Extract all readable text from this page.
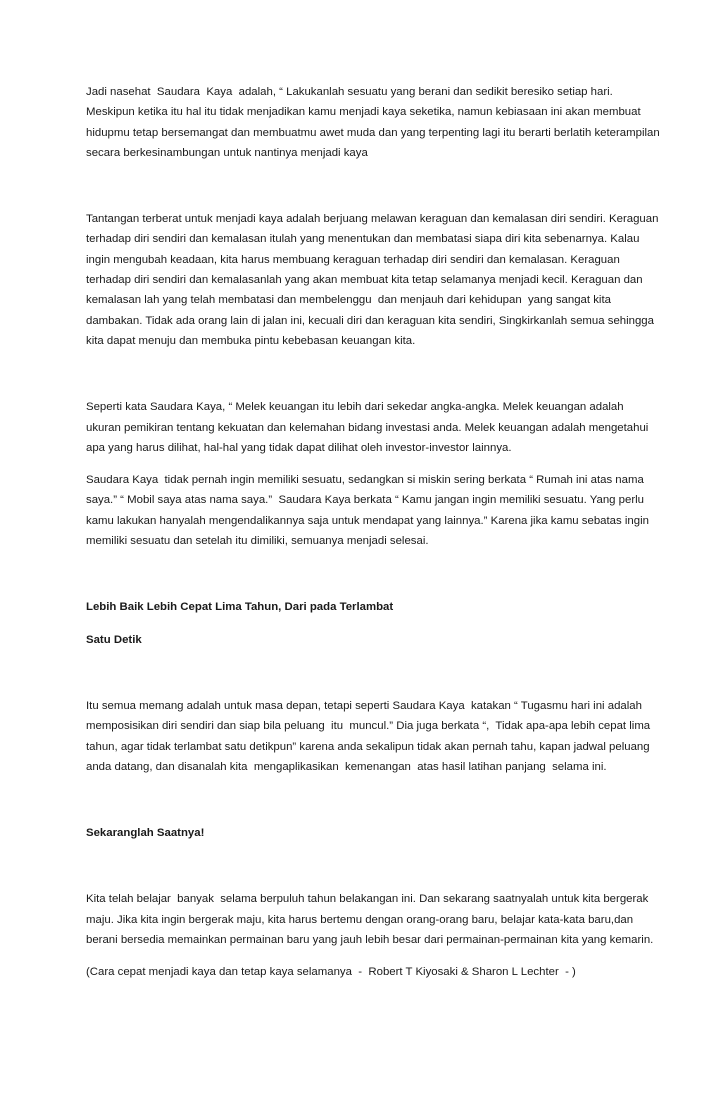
Jadi nasehat  Saudara  Kaya  adalah, “ Lakukanlah sesuatu yang berani dan sedikit beresiko setiap hari. Meskipun ketika itu hal itu tidak menjadikan kamu menjadi kaya seketika, namun kebiasaan ini akan membuat hidupmu tetap bersemangat dan membuatmu awet muda dan yang terpenting lagi itu berarti berlatih keterampilan secara berkesinambungan untuk nantinya menjadi kaya

Tantangan terberat untuk menjadi kaya adalah berjuang melawan keraguan dan kemalasan diri sendiri. Keraguan terhadap diri sendiri dan kemalasan itulah yang menentukan dan membatasi siapa diri kita sebenarnya. Kalau ingin mengubah keadaan, kita harus membuang keraguan terhadap diri sendiri dan kemalasan. Keraguan terhadap diri sendiri dan kemalasanlah yang akan membuat kita tetap selamanya menjadi kecil. Keraguan dan kemalasan lah yang telah membatasi dan membelenggu  dan menjauh dari kehidupan  yang sangat kita  dambakan. Tidak ada orang lain di jalan ini, kecuali diri dan keraguan kita sendiri, Singkirkanlah semua sehingga kita dapat menuju dan membuka pintu kebebasan keuangan kita.

Seperti kata Saudara Kaya, “ Melek keuangan itu lebih dari sekedar angka-angka. Melek keuangan adalah ukuran pemikiran tentang kekuatan dan kelemahan bidang investasi anda. Melek keuangan adalah mengetahui apa yang harus dilihat, hal-hal yang tidak dapat dilihat oleh investor-investor lainnya.

Saudara Kaya  tidak pernah ingin memiliki sesuatu, sedangkan si miskin sering berkata “ Rumah ini atas nama saya.” “ Mobil saya atas nama saya.”  Saudara Kaya berkata “ Kamu jangan ingin memiliki sesuatu. Yang perlu kamu lakukan hanyalah mengendalikannya saja untuk mendapat yang lainnya.” Karena jika kamu sebatas ingin memiliki sesuatu dan setelah itu dimiliki, semuanya menjadi selesai.

Lebih Baik Lebih Cepat Lima Tahun, Dari pada Terlambat

Satu Detik

Itu semua memang adalah untuk masa depan, tetapi seperti Saudara Kaya  katakan “ Tugasmu hari ini adalah memposisikan diri sendiri dan siap bila peluang  itu  muncul.” Dia juga berkata “,  Tidak apa-apa lebih cepat lima tahun, agar tidak terlambat satu detikpun” karena anda sekalipun tidak akan pernah tahu, kapan jadwal peluang anda datang, dan disanalah kita  mengaplikasikan  kemenangan  atas hasil latihan panjang  selama ini.

Sekaranglah Saatnya!

Kita telah belajar  banyak  selama berpuluh tahun belakangan ini. Dan sekarang saatnyalah untuk kita bergerak maju. Jika kita ingin bergerak maju, kita harus bertemu dengan orang-orang baru, belajar kata-kata baru,dan berani bersedia memainkan permainan baru yang jauh lebih besar dari permainan-permainan kita yang kemarin.

(Cara cepat menjadi kaya dan tetap kaya selamanya  -  Robert T Kiyosaki & Sharon L Lechter  - )
